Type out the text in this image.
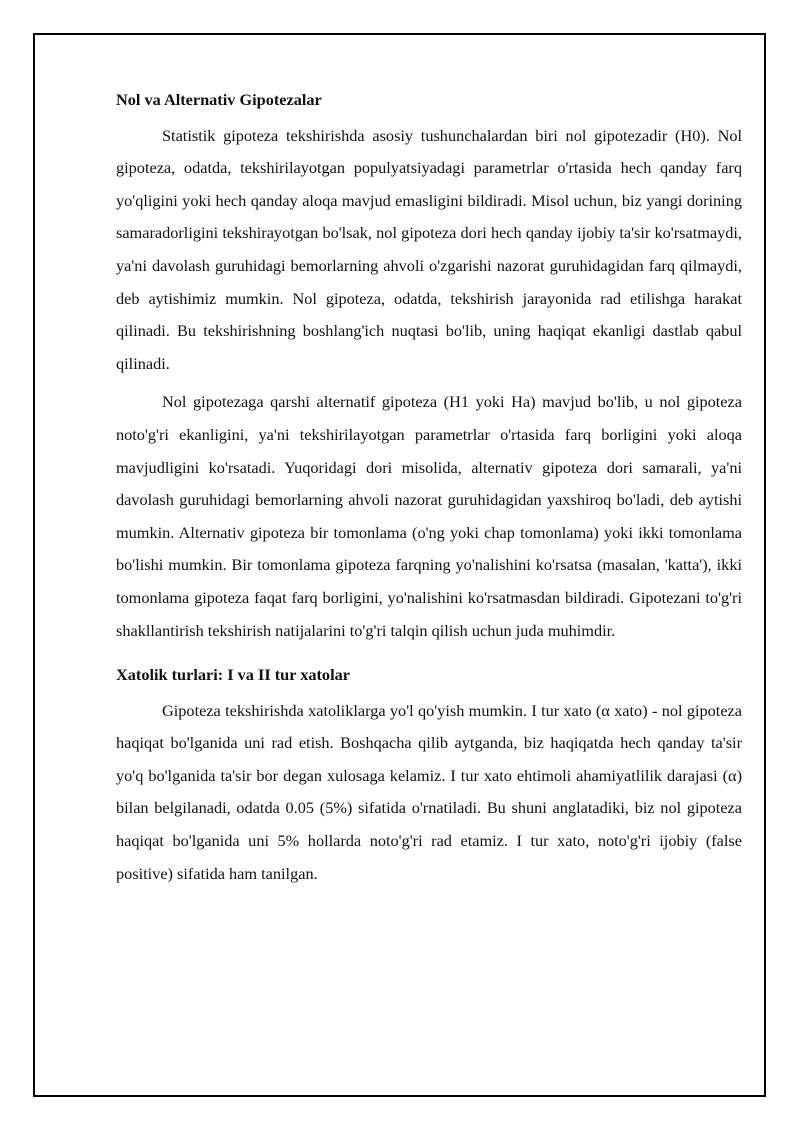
Nol va Alternativ Gipotezalar

Statistik gipoteza tekshirishda asosiy tushunchalardan biri nol gipotezadir (H0). Nol gipoteza, odatda, tekshirilayotgan populyatsiyadagi parametrlar o'rtasida hech qanday farq yo'qligini yoki hech qanday aloqa mavjud emasligini bildiradi. Misol uchun, biz yangi dorining samaradorligini tekshirayotgan bo'lsak, nol gipoteza dori hech qanday ijobiy ta'sir ko'rsatmaydi, ya'ni davolash guruhidagi bemorlarning ahvoli o'zgarishi nazorat guruhidagidan farq qilmaydi, deb aytishimiz mumkin. Nol gipoteza, odatda, tekshirish jarayonida rad etilishga harakat qilinadi. Bu tekshirishning boshlang'ich nuqtasi bo'lib, uning haqiqat ekanligi dastlab qabul qilinadi.

Nol gipotezaga qarshi alternatif gipoteza (H1 yoki Ha) mavjud bo'lib, u nol gipoteza noto'g'ri ekanligini, ya'ni tekshirilayotgan parametrlar o'rtasida farq borligini yoki aloqa mavjudligini ko'rsatadi. Yuqoridagi dori misolida, alternativ gipoteza dori samarali, ya'ni davolash guruhidagi bemorlarning ahvoli nazorat guruhidagidan yaxshiroq bo'ladi, deb aytishi mumkin. Alternativ gipoteza bir tomonlama (o'ng yoki chap tomonlama) yoki ikki tomonlama bo'lishi mumkin. Bir tomonlama gipoteza farqning yo'nalishini ko'rsatsa (masalan, 'katta'), ikki tomonlama gipoteza faqat farq borligini, yo'nalishini ko'rsatmasdan bildiradi. Gipotezani to'g'ri shakllantirish tekshirish natijalarini to'g'ri talqin qilish uchun juda muhimdir.

Xatolik turlari: I va II tur xatolar

Gipoteza tekshirishda xatoliklarga yo'l qo'yish mumkin. I tur xato (α xato) - nol gipoteza haqiqat bo'lganida uni rad etish. Boshqacha qilib aytganda, biz haqiqatda hech qanday ta'sir yo'q bo'lganida ta'sir bor degan xulosaga kelamiz. I tur xato ehtimoli ahamiyatlilik darajasi (α) bilan belgilanadi, odatda 0.05 (5%) sifatida o'rnatiladi. Bu shuni anglatadiki, biz nol gipoteza haqiqat bo'lganida uni 5% hollarda noto'g'ri rad etamiz. I tur xato, noto'g'ri ijobiy (false positive) sifatida ham tanilgan.
